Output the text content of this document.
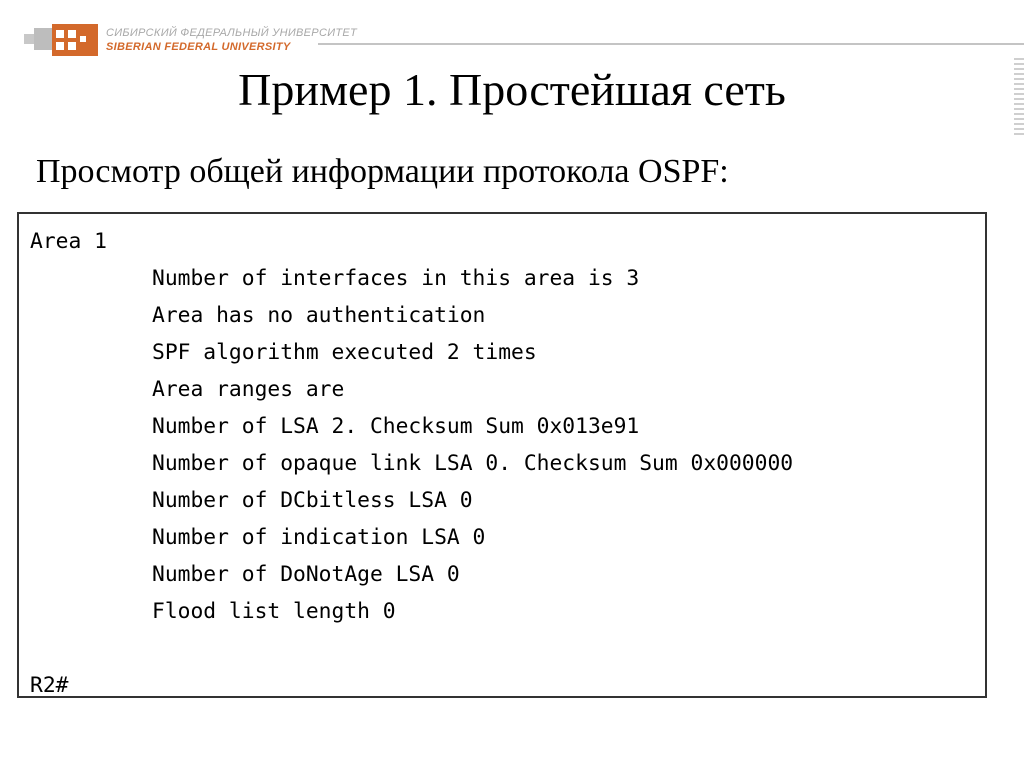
СИБИРСКИЙ ФЕДЕРАЛЬНЫЙ УНИВЕРСИТЕТ
SIBERIAN FEDERAL UNIVERSITY
Пример 1. Простейшая сеть

Просмотр общей информации протокола OSPF:

Area 1
Number of interfaces in this area is 3
Area has no authentication
SPF algorithm executed 2 times
Area ranges are
Number of LSA 2. Checksum Sum 0x013e91
Number of opaque link LSA 0. Checksum Sum 0x000000
Number of DCbitless LSA 0
Number of indication LSA 0
Number of DoNotAge LSA 0
Flood list length 0
R2#
